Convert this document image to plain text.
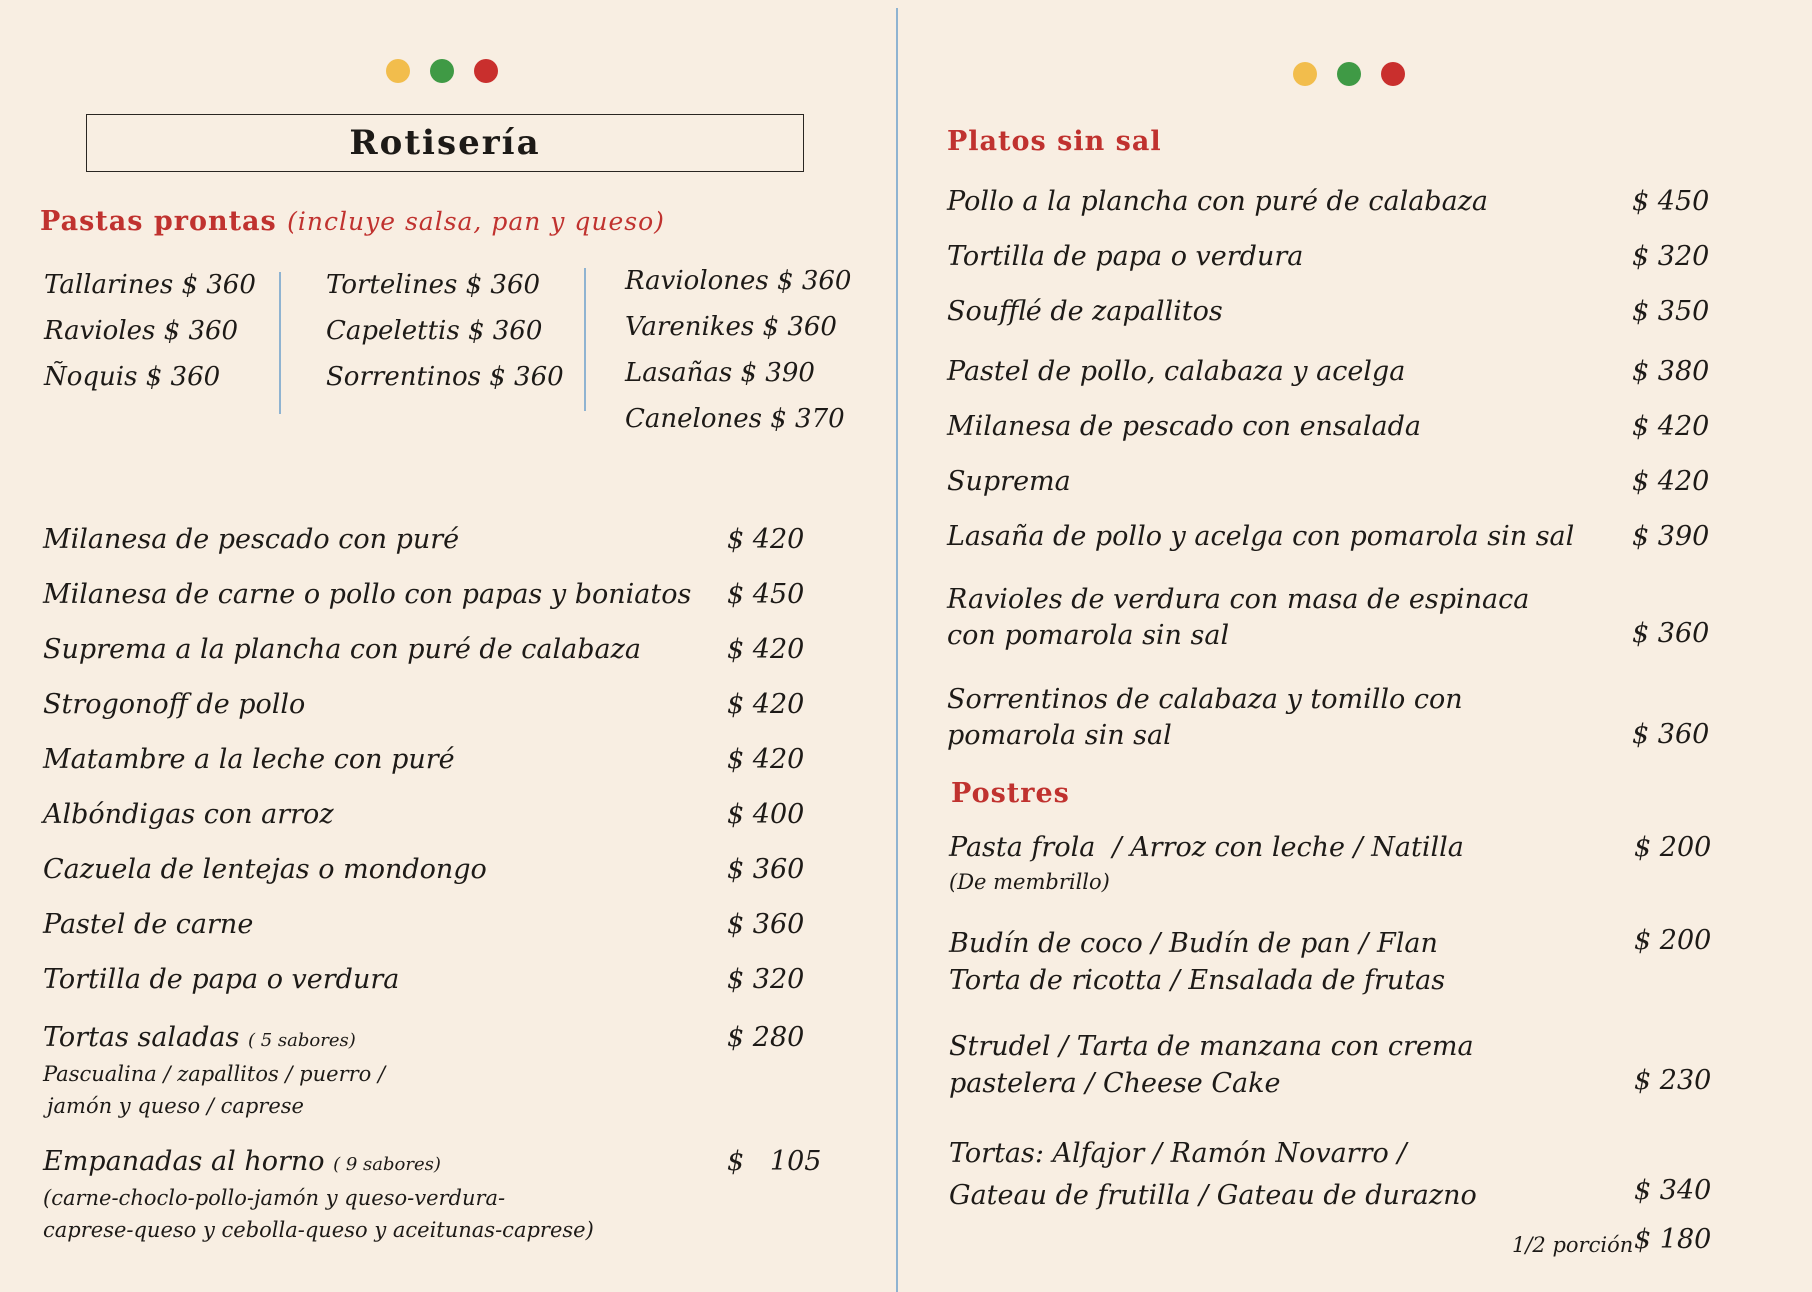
Rotisería
Pastas prontas (incluye salsa, pan y queso)
Tallarines $ 360
Ravioles $ 360
Ñoquis $ 360
Tortelines $ 360
Capelettis $ 360
Sorrentinos $ 360
Raviolones $ 360
Varenikes $ 360
Lasañas $ 390
Canelones $ 370
Milanesa de pescado con puré	$ 420
Milanesa de carne o pollo con papas y boniatos $ 450
Suprema a la plancha con puré de calabaza	$ 420
Strogonoff de pollo	$ 420
Matambre a la leche con puré	$ 420
Albóndigas con arroz	$ 400
Cazuela de lentejas o mondongo	$ 360
Pastel de carne	$ 360
Tortilla de papa o verdura	$ 320
Tortas saladas ( 5 sabores)	$ 280
Pascualina / zapallitos / puerro /
jamón y queso / caprese
Empanadas al horno ( 9 sabores)	$   105
(carne-choclo-pollo-jamón y queso-verdura-
caprese-queso y cebolla-queso y aceitunas-caprese)
Platos sin sal
Pollo a la plancha con puré de calabaza	$ 450
Tortilla de papa o verdura	$ 320
Soufflé de zapallitos	$ 350
Pastel de pollo, calabaza y acelga	$ 380
Milanesa de pescado con ensalada	$ 420
Suprema	$ 420
Lasaña de pollo y acelga con pomarola sin sal $ 390
Ravioles de verdura con masa de espinaca
con pomarola sin sal	$ 360
Sorrentinos de calabaza y tomillo con
pomarola sin sal	$ 360
Postres
Pasta frola  / Arroz con leche / Natilla	$ 200
(De membrillo)
Budín de coco / Budín de pan / Flan
Torta de ricotta / Ensalada de frutas
$ 200
Strudel / Tarta de manzana con crema
pastelera / Cheese Cake	$ 230
Tortas: Alfajor / Ramón Novarro /
Gateau de frutilla / Gateau de durazno	$ 340
1/2 porción $ 180
